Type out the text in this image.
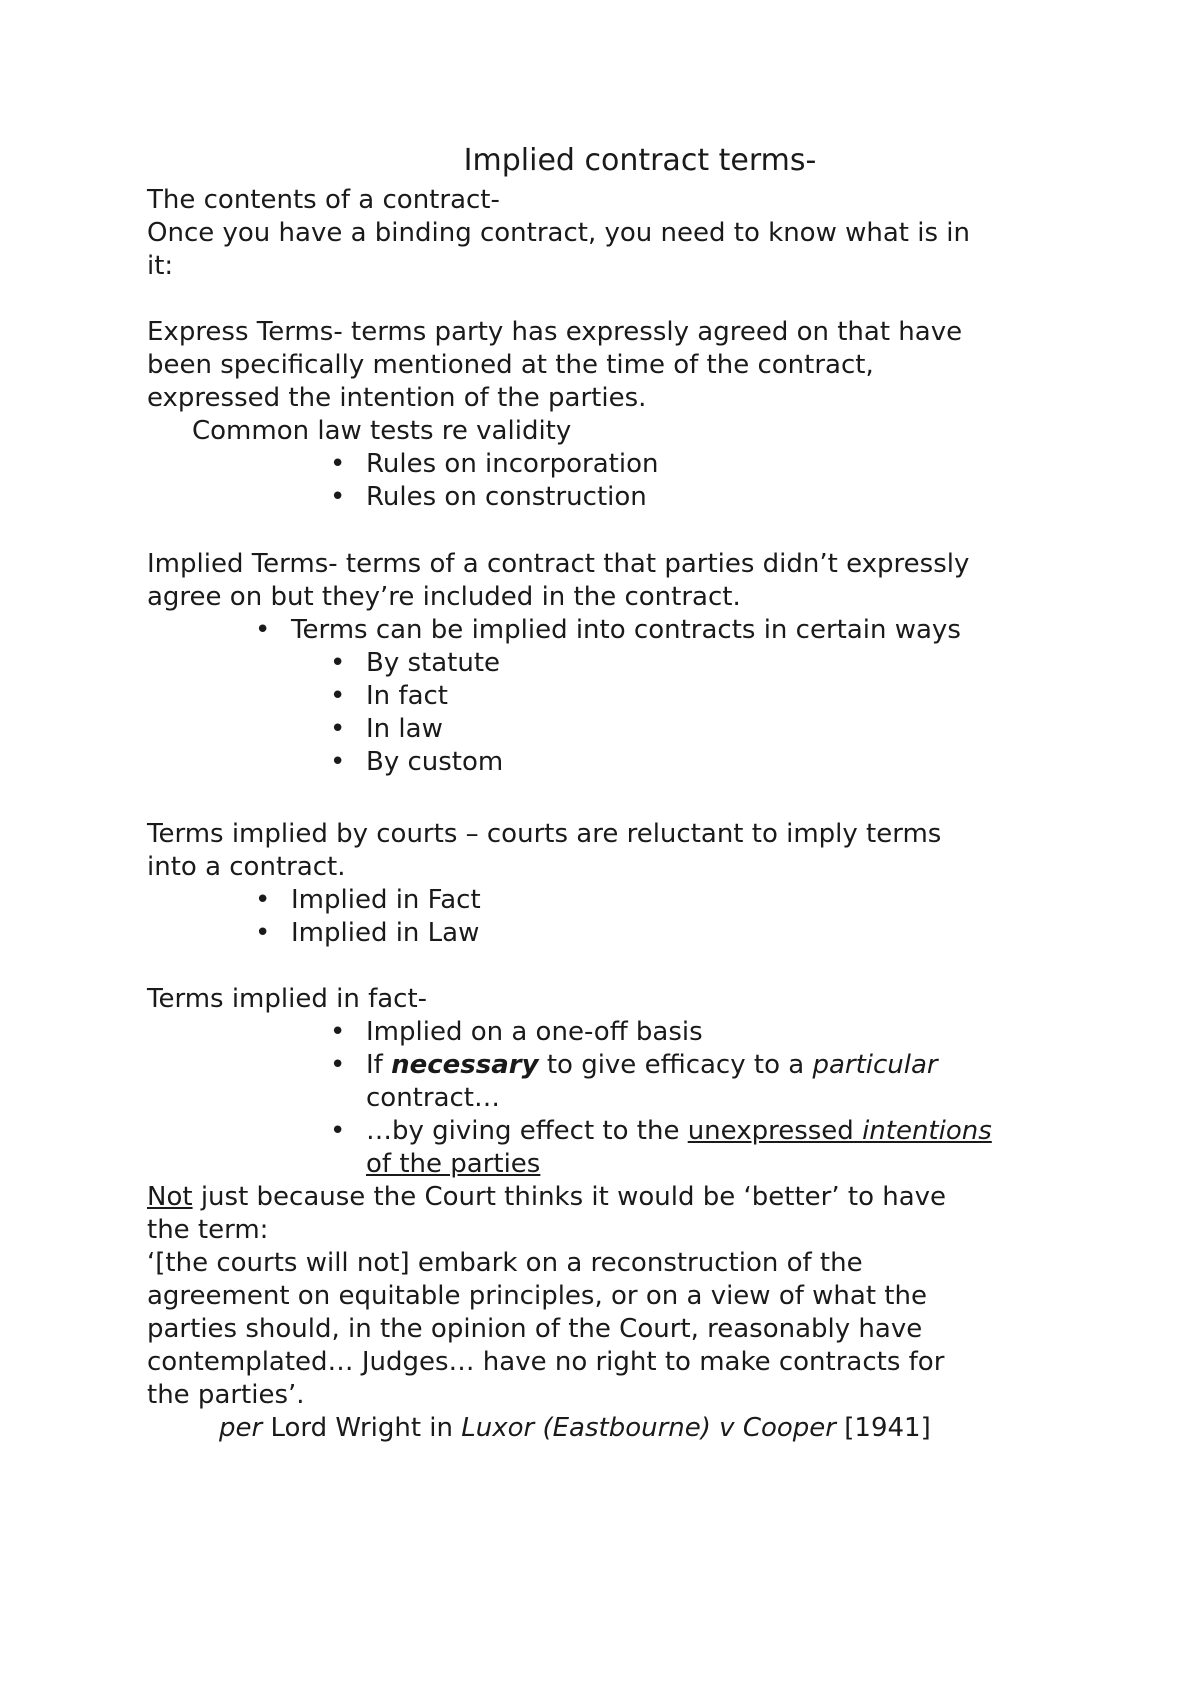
Implied contract terms-

The contents of a contract-

Once you have a binding contract, you need to know what is in

it:

Express Terms- terms party has expressly agreed on that have

been specifically mentioned at the time of the contract,

expressed the intention of the parties.

Common law tests re validity

• Rules on incorporation
• Rules on construction

Implied Terms- terms of a contract that parties didn’t expressly

agree on but they’re included in the contract.

• Terms can be implied into contracts in certain ways
• By statute
• In fact
• In law
• By custom

Terms implied by courts – courts are reluctant to imply terms

into a contract.

• Implied in Fact
• Implied in Law

Terms implied in fact-

• Implied on a one-off basis
• If necessary to give efficacy to a particular

contract…

• …by giving effect to the unexpressed intentions

of the parties

Not just because the Court thinks it would be ‘better’ to have

the term:

‘[the courts will not] embark on a reconstruction of the

agreement on equitable principles, or on a view of what the

parties should, in the opinion of the Court, reasonably have

contemplated… Judges… have no right to make contracts for

the parties’.

per Lord Wright in Luxor (Eastbourne) v Cooper [1941]
